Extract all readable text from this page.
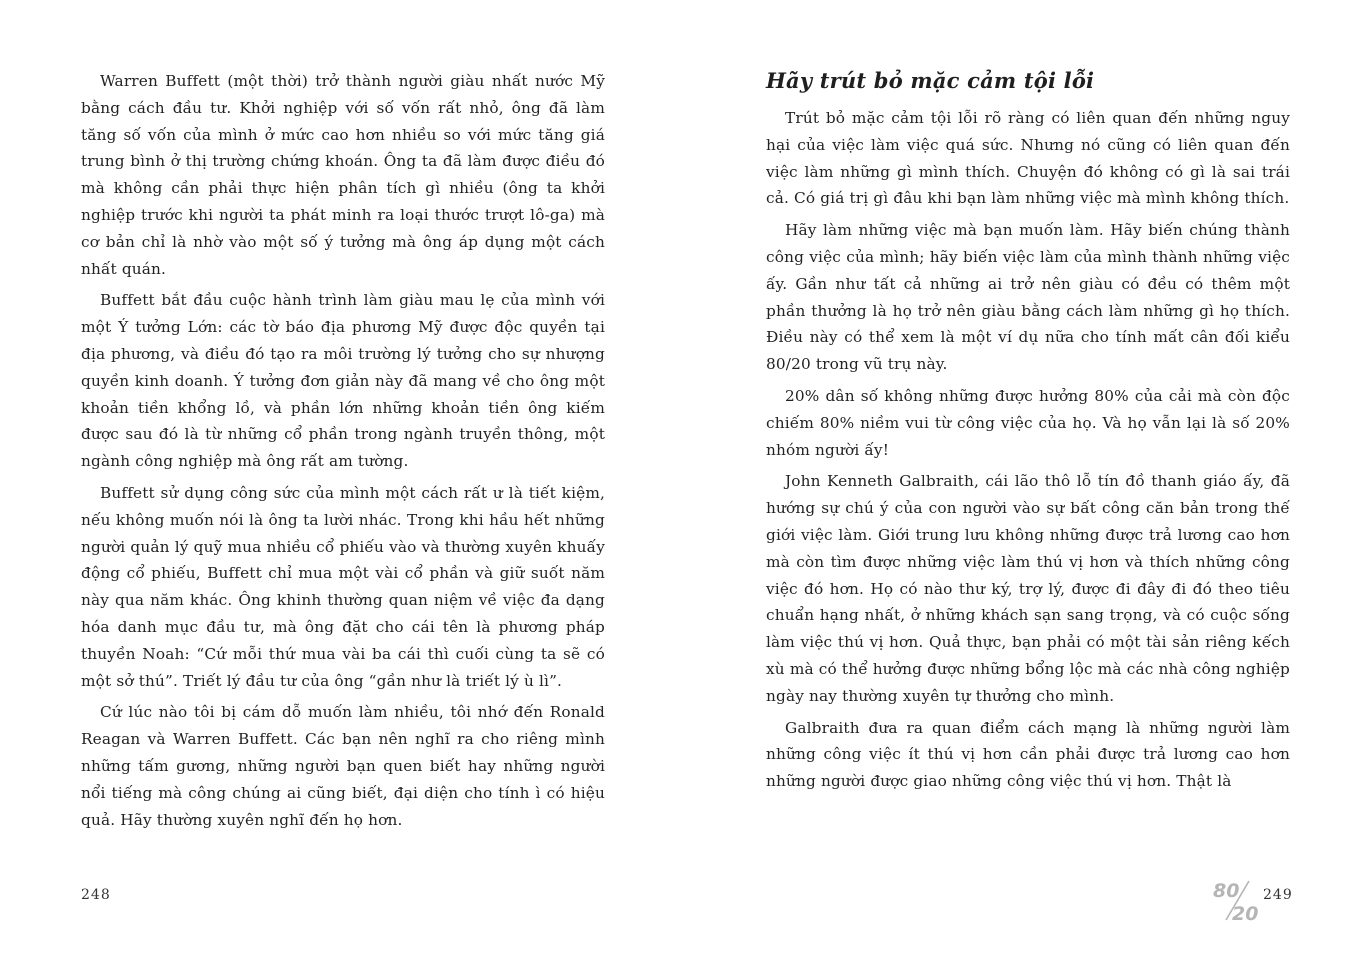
Warren Buffett (một thời) trở thành người giàu nhất nước Mỹ bằng cách đầu tư. Khởi nghiệp với số vốn rất nhỏ, ông đã làm tăng số vốn của mình ở mức cao hơn nhiều so với mức tăng giá trung bình ở thị trường chứng khoán. Ông ta đã làm được điều đó mà không cần phải thực hiện phân tích gì nhiều (ông ta khởi nghiệp trước khi người ta phát minh ra loại thước trượt lô-ga) mà cơ bản chỉ là nhờ vào một số ý tưởng mà ông áp dụng một cách nhất quán.

Buffett bắt đầu cuộc hành trình làm giàu mau lẹ của mình với một Ý tưởng Lớn: các tờ báo địa phương Mỹ được độc quyền tại địa phương, và điều đó tạo ra môi trường lý tưởng cho sự nhượng quyền kinh doanh. Ý tưởng đơn giản này đã mang về cho ông một khoản tiền khổng lồ, và phần lớn những khoản tiền ông kiếm được sau đó là từ những cổ phần trong ngành truyền thông, một ngành công nghiệp mà ông rất am tường.

Buffett sử dụng công sức của mình một cách rất ư là tiết kiệm, nếu không muốn nói là ông ta lười nhác. Trong khi hầu hết những người quản lý quỹ mua nhiều cổ phiếu vào và thường xuyên khuấy động cổ phiếu, Buffett chỉ mua một vài cổ phần và giữ suốt năm này qua năm khác. Ông khinh thường quan niệm về việc đa dạng hóa danh mục đầu tư, mà ông đặt cho cái tên là phương pháp thuyền Noah: “Cứ mỗi thứ mua vài ba cái thì cuối cùng ta sẽ có một sở thú”. Triết lý đầu tư của ông “gần như là triết lý ù lì”.

Cứ lúc nào tôi bị cám dỗ muốn làm nhiều, tôi nhớ đến Ronald Reagan và Warren Buffett. Các bạn nên nghĩ ra cho riêng mình những tấm gương, những người bạn quen biết hay những người nổi tiếng mà công chúng ai cũng biết, đại diện cho tính ì có hiệu quả. Hãy thường xuyên nghĩ đến họ hơn.

248
Hãy trút bỏ mặc cảm tội lỗi

Trút bỏ mặc cảm tội lỗi rõ ràng có liên quan đến những nguy hại của việc làm việc quá sức. Nhưng nó cũng có liên quan đến việc làm những gì mình thích. Chuyện đó không có gì là sai trái cả. Có giá trị gì đâu khi bạn làm những việc mà mình không thích.

Hãy làm những việc mà bạn muốn làm. Hãy biến chúng thành công việc của mình; hãy biến việc làm của mình thành những việc ấy. Gần như tất cả những ai trở nên giàu có đều có thêm một phần thưởng là họ trở nên giàu bằng cách làm những gì họ thích. Điều này có thể xem là một ví dụ nữa cho tính mất cân đối kiểu 80/20 trong vũ trụ này.

20% dân số không những được hưởng 80% của cải mà còn độc chiếm 80% niềm vui từ công việc của họ. Và họ vẫn lại là số 20% nhóm người ấy!

John Kenneth Galbraith, cái lão thô lỗ tín đồ thanh giáo ấy, đã hướng sự chú ý của con người vào sự bất công căn bản trong thế giới việc làm. Giới trung lưu không những được trả lương cao hơn mà còn tìm được những việc làm thú vị hơn và thích những công việc đó hơn. Họ có nào thư ký, trợ lý, được đi đây đi đó theo tiêu chuẩn hạng nhất, ở những khách sạn sang trọng, và có cuộc sống làm việc thú vị hơn. Quả thực, bạn phải có một tài sản riêng kếch xù mà có thể hưởng được những bổng lộc mà các nhà công nghiệp ngày nay thường xuyên tự thưởng cho mình.

Galbraith đưa ra quan điểm cách mạng là những người làm những công việc ít thú vị hơn cần phải được trả lương cao hơn những người được giao những công việc thú vị hơn. Thật là

80
20
249
